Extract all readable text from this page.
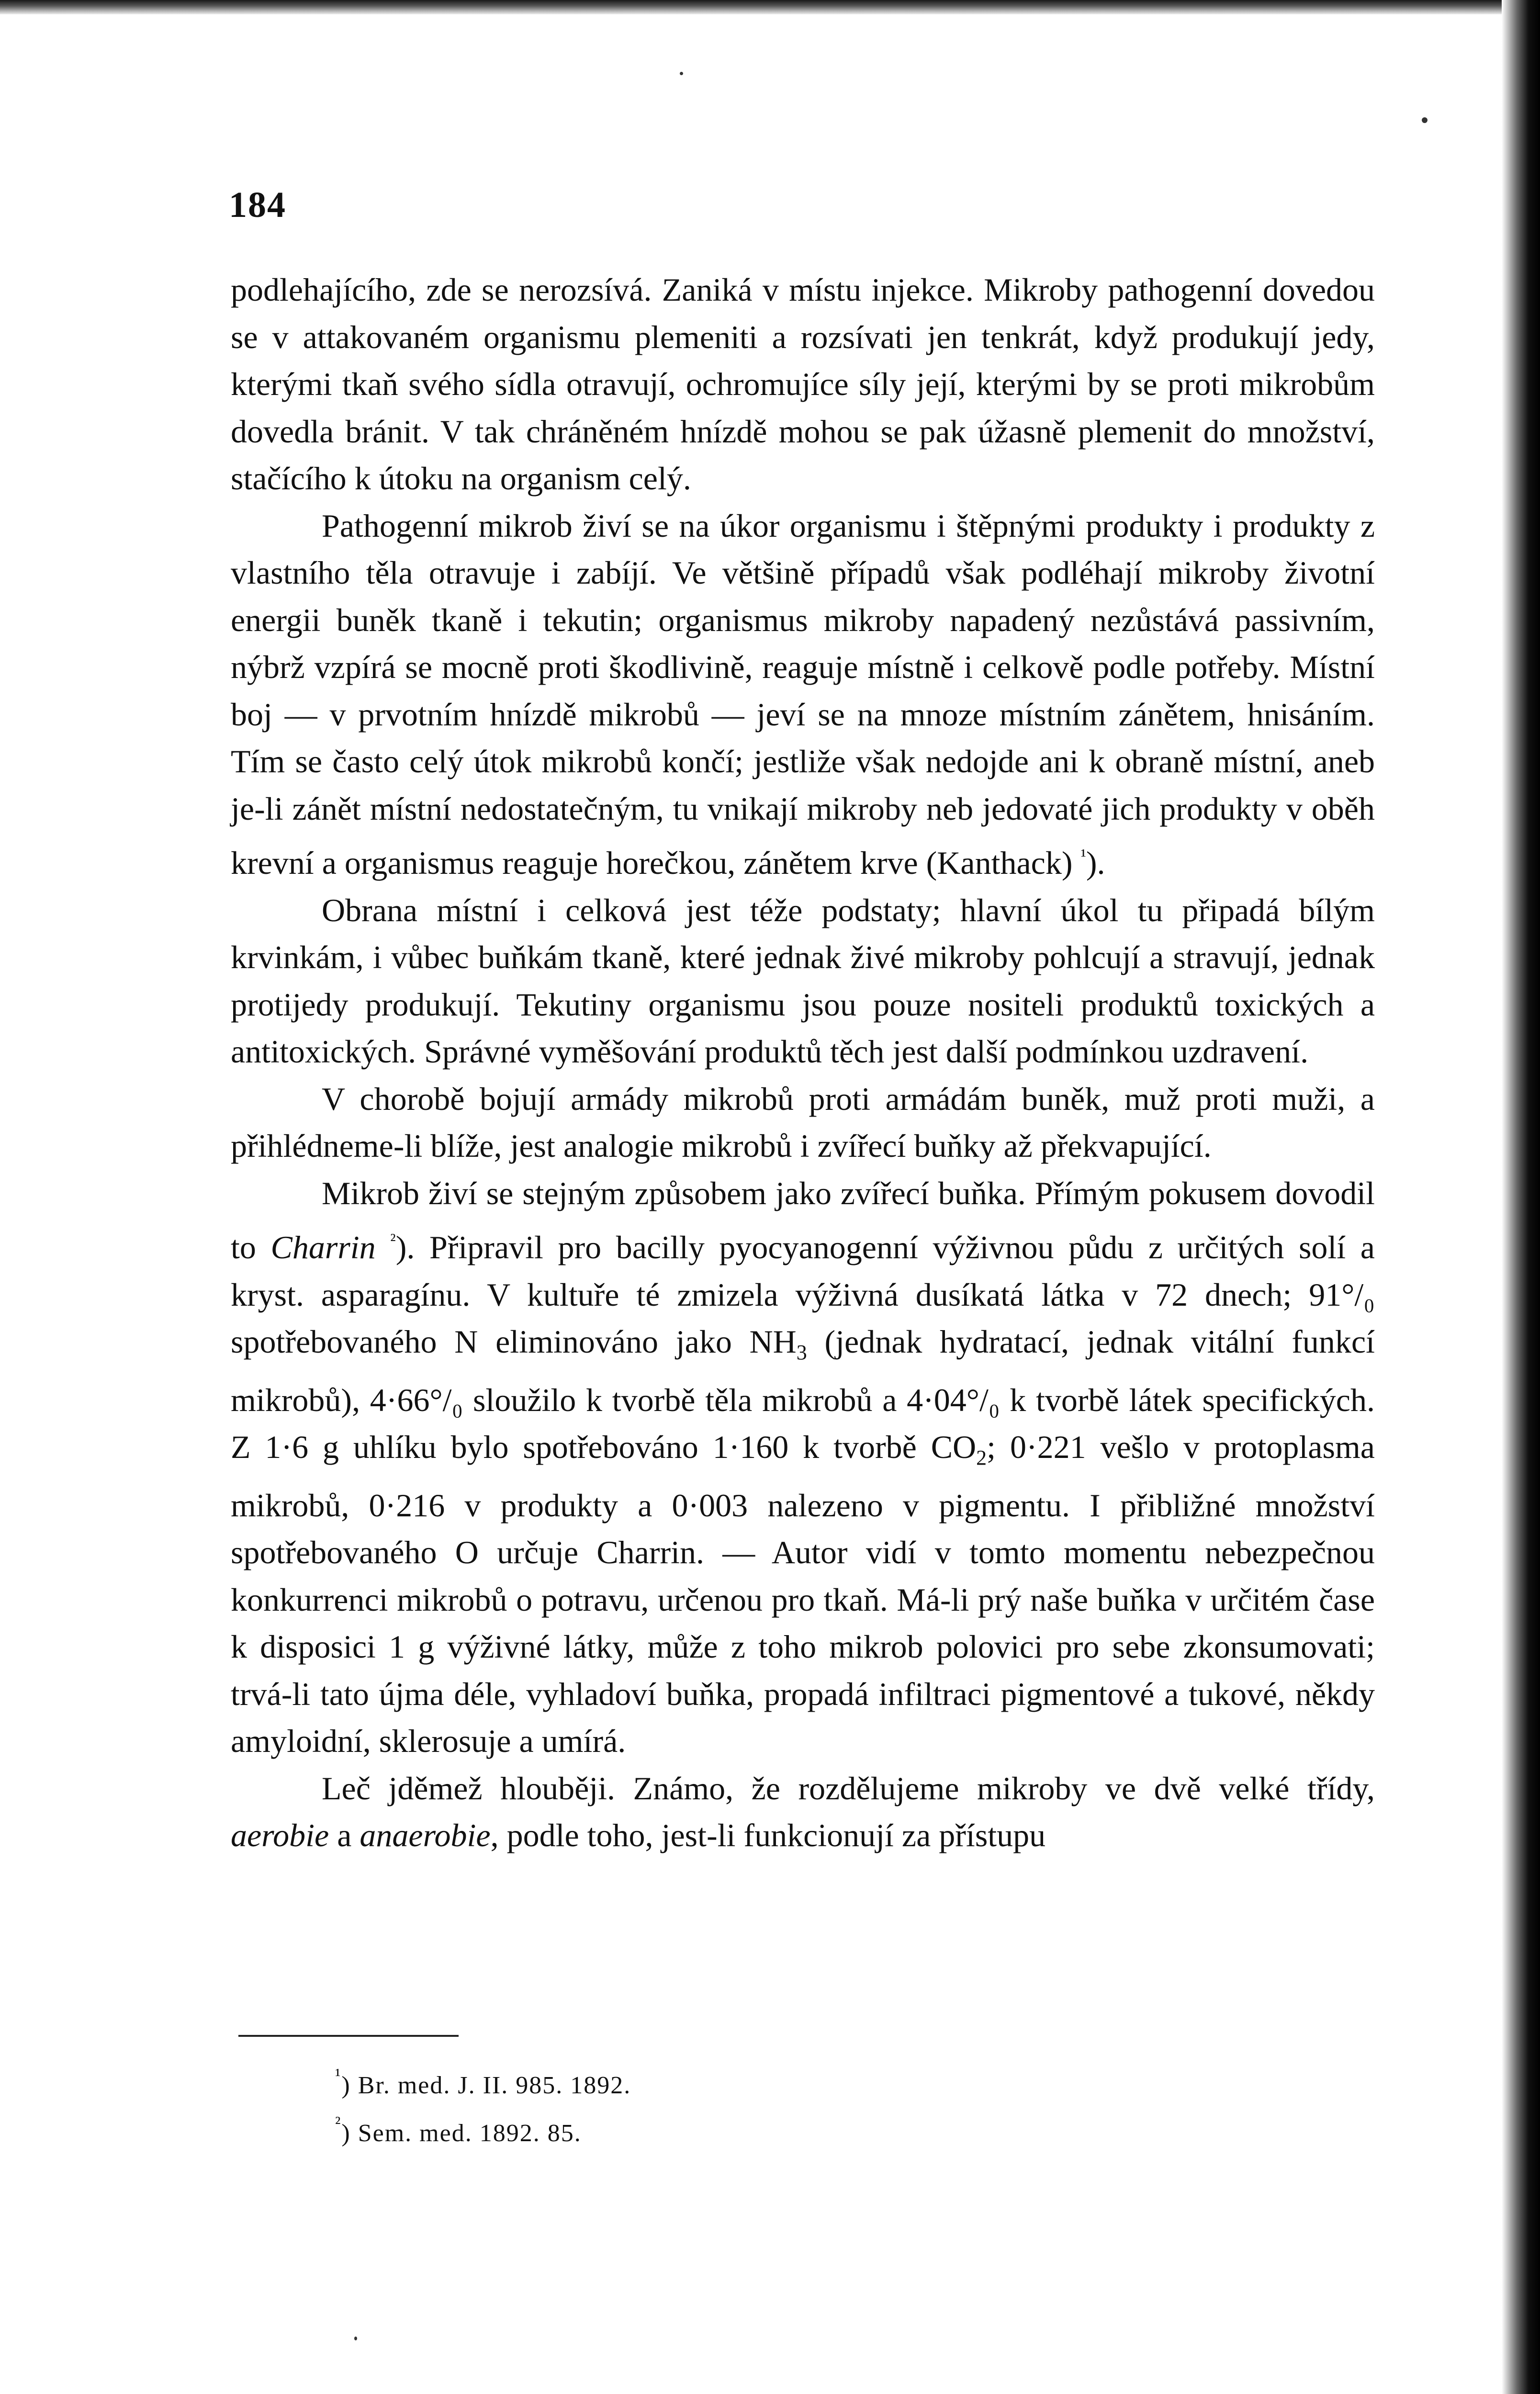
184

podlehajícího, zde se nerozsívá. Zaniká v místu injekce. Mikroby pathogenní dovedou se v attakovaném organismu plemeniti a rozsívati jen tenkrát, když produkují jedy, kterými tkaň svého sídla otravují, ochromujíce síly její, kterými by se proti mikrobům dovedla bránit. V tak chráněném hnízdě mohou se pak úžasně plemenit do množství, stačícího k útoku na organism celý.

Pathogenní mikrob živí se na úkor organismu i štěpnými produkty i produkty z vlastního těla otravuje i zabíjí. Ve většině případů však podléhají mikroby životní energii buněk tkaně i tekutin; organismus mikroby napadený nezůstává passivním, nýbrž vzpírá se mocně proti škodlivině, reaguje místně i celkově podle potřeby. Místní boj — v prvotním hnízdě mikrobů — jeví se na mnoze místním zánětem, hnisáním. Tím se často celý útok mikrobů končí; jestliže však nedojde ani k obraně místní, aneb je-li zánět místní nedostatečným, tu vnikají mikroby neb jedovaté jich produkty v oběh krevní a organismus reaguje horečkou, zánětem krve (Kanthack) $^{^1}$).

Obrana místní i celková jest téže podstaty; hlavní úkol tu připadá bílým krvinkám, i vůbec buňkám tkaně, které jednak živé mikroby pohlcují a stravují, jednak protijedy produkují. Tekutiny organismu jsou pouze nositeli produktů toxických a antitoxických. Správné vyměšování produktů těch jest další podmínkou uzdravení.

V chorobě bojují armády mikrobů proti armádám buněk, muž proti muži, a přihlédneme-li blíže, jest analogie mikrobů i zvířecí buňky až překvapující.

Mikrob živí se stejným způsobem jako zvířecí buňka. Přímým pokusem dovodil to Charrin $^{^2}$). Připravil pro bacilly pyocyanogenní výživnou půdu z určitých solí a kryst. asparagínu. V kultuře té zmizela výživná dusíkatá látka v 72 dnech; 91°/₀ spotřebovaného N eliminováno jako $NH_3$ (jednak hydratací, jednak vitální funkcí mikrobů), 4·66°/₀ sloužilo k tvorbě těla mikrobů a 4·04°/₀ k tvorbě látek specifických. Z 1·6 g uhlíku bylo spotřebováno 1·160 k tvorbě $CO_2$; 0·221 vešlo v protoplasma mikrobů, 0·216 v produkty a 0·003 nalezeno v pigmentu. I přibližné množství spotřebovaného O určuje Charrin. — Autor vidí v tomto momentu nebezpečnou konkurrenci mikrobů o potravu, určenou pro tkaň. Má-li prý naše buňka v určitém čase k disposici 1 g výživné látky, může z toho mikrob polovici pro sebe zkonsumovati; trvá-li tato újma déle, vyhladoví buňka, propadá infiltraci pigmentové a tukové, někdy amyloidní, sklerosuje a umírá.

Leč jděmež hlouběji. Známo, že rozdělujeme mikroby ve dvě velké třídy, aerobie a anaerobie, podle toho, jest-li funkcionují za přístupu

$^{^1}$) Br. med. J. II. 985. 1892.
$^{^2}$) Sem. med. 1892. 85.
